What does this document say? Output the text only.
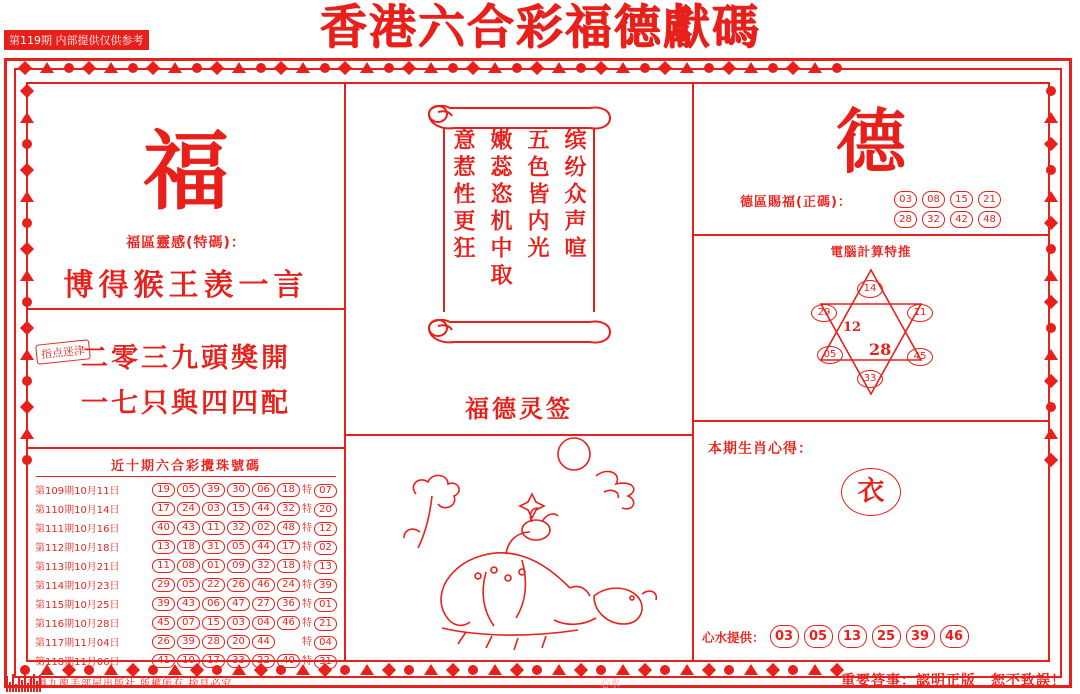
香港六合彩福德獻碼
第119期 内部提供仅供参考
福
福區靈感(特碼)：
博得猴王羡一言
指点迷津
二零三九頭獎開
一七只與四四配
近十期六合彩攪珠號碼
第109期10月11日	19	05	39	30	06	18	特 07
第110期10月14日	17	24	03	15	44	32	特 20
第111期10月16日	40	43	11	32	02	48	特 12
第112期10月18日	13	18	31	05	44	17	特 02
第113期10月21日	11	08	01	09	32	18	特 13
第114期10月23日	29	05	22	26	46	24	特 39
第115期10月25日	39	43	06	47	27	36	特 01
第116期10月28日	45	07	15	03	04	46	特 21
第117期11月04日	26	39	28	20	44		特 04
第118期11月06日	41	10	17	33	22	40	特 31
缤纷众声喧
五色皆内光
嫩蕊恣机中取
意惹性更狂
福德灵签
德
德區賜福(正碼)：	03	08	15	21
28	32	42	48
電腦計算特推
14
29	11
12
05	28	45
33
本期生肖心得：
衣
心水提供： 03	05	13	25	39	46
香港九龍手部屋出版社 版權所有 捨貝必究	心水	重要答事：認明正版　恕不致誤！
